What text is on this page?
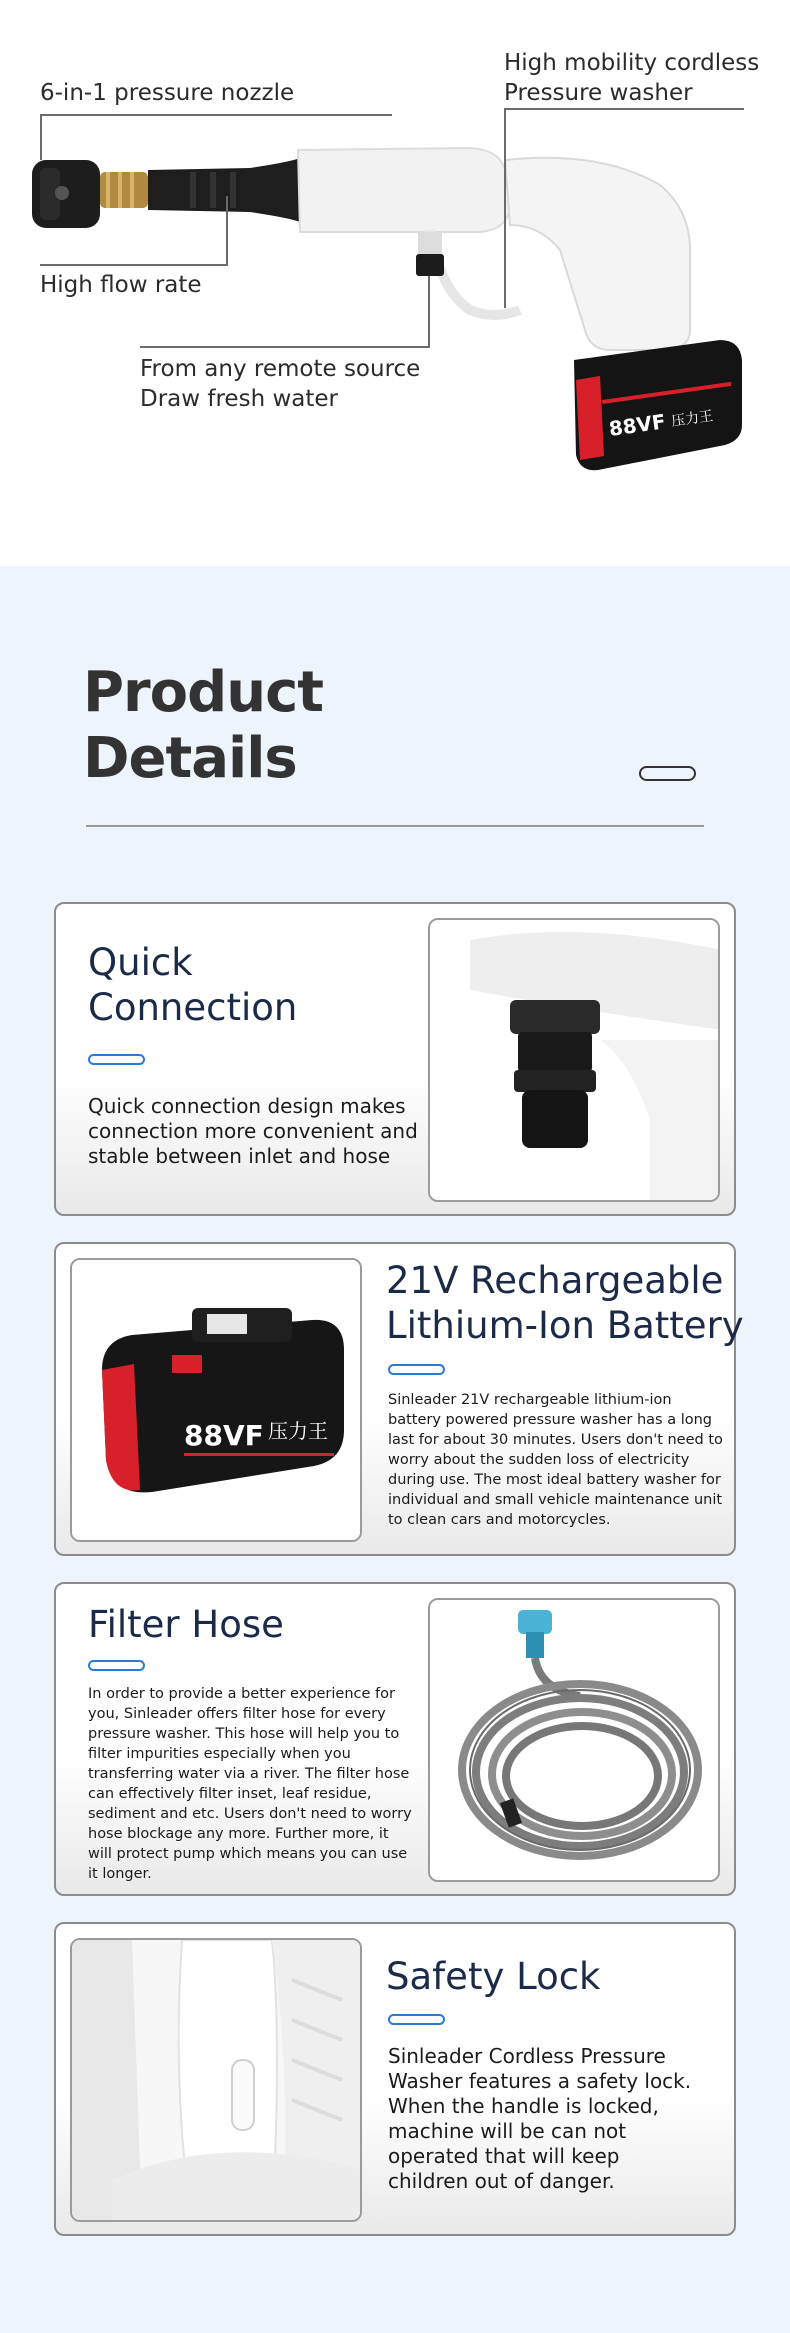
88VF 压力王
6-in-1 pressure nozzle
High mobility cordless
Pressure washer
High flow rate
From any remote source
Draw fresh water
Product
Details
Quick
Connection
Quick connection design makes connection more convenient and stable between inlet and hose
88VF 压力王
21V Rechargeable
Lithium-Ion Battery
Sinleader 21V rechargeable lithium-ion battery powered pressure washer has a long last for about 30 minutes. Users don't need to worry about the sudden loss of electricity during use. The most ideal battery washer for individual and small vehicle maintenance unit to clean cars and motorcycles.
Filter Hose
In order to provide a better experience for you, Sinleader offers filter hose for every pressure washer. This hose will help you to filter impurities especially when you transferring water via a river. The filter hose can effectively filter inset, leaf residue, sediment and etc. Users don't need to worry hose blockage any more. Further more, it will protect pump which means you can use it longer.
Safety Lock
Sinleader Cordless Pressure Washer features a safety lock. When the handle is locked, machine will be can not operated that will keep children out of danger.
